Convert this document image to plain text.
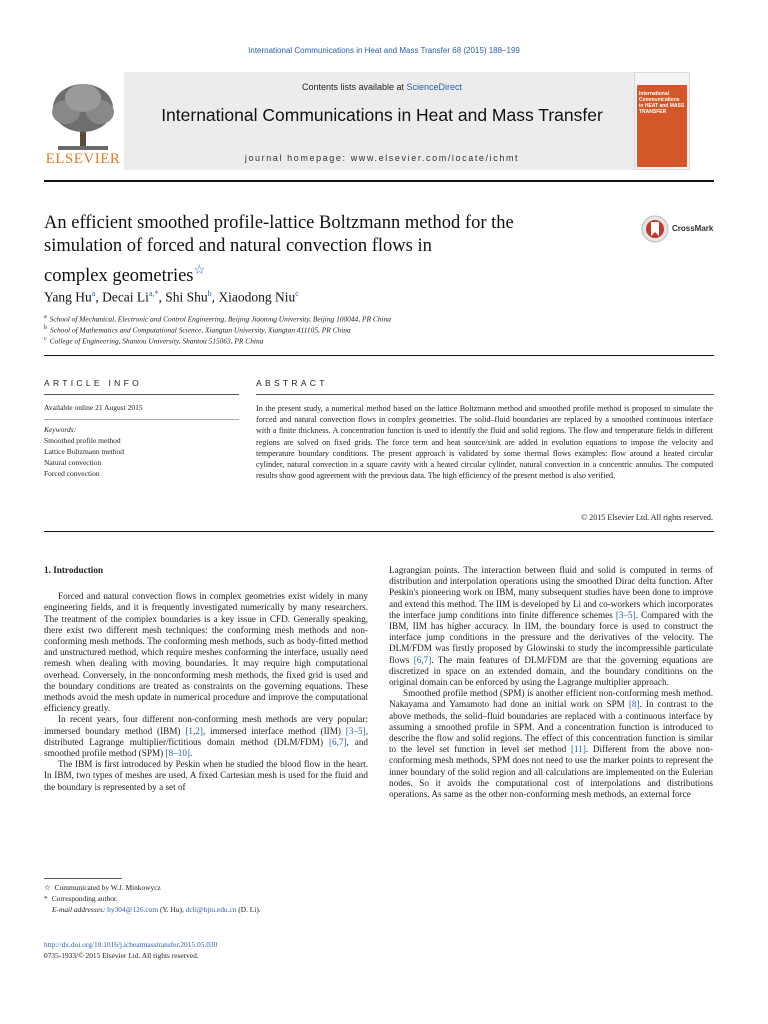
International Communications in Heat and Mass Transfer 68 (2015) 188–199
ELSEVIER
Contents lists available at ScienceDirect
International Communications in Heat and Mass Transfer
journal homepage: www.elsevier.com/locate/ichmt
International Communications in HEAT and MASS TRANSFER
An efficient smoothed profile-lattice Boltzmann method for the
simulation of forced and natural convection flows in
complex geometries☆
CrossMark
Yang Hu$^a$, Decai $Li^{a,*}$, Shi Shu$^b$, Xiaodong Niu$^c$
$^a$ School of Mechanical, Electronic and Control Engineering, Beijing Jiaotong University, Beijing 100044, PR China
$^b$ School of Mathematics and Computational Science, Xiangtan University, Xiangtan 411105, PR China
$^c$ College of Engineering, Shantou University, Shantou 515063, PR China
ARTICLE INFO
Available online 21 August 2015
Keywords:
Smoothed profile method
Lattice Boltzmann method
Natural convection
Forced convection
ABSTRACT
In the present study, a numerical method based on the lattice Boltzmann method and smoothed profile method is proposed to simulate the forced and natural convection flows in complex geometries. The solid–fluid boundaries are replaced by a smoothed continuous interface with a finite thickness. A concentration function is used to identify the fluid and solid regions. The flow and temperature fields in different regions are solved on fixed grids. The force term and heat source/sink are added in evolution equations to impose the velocity and temperature boundary conditions. The present approach is validated by some thermal flows examples: flow around a heated circular cylinder, natural convection in a square cavity with a heated circular cylinder, natural convection in a concentric annulus. The computed results show good agreement with the previous data. The high efficiency of the present method is also verified.
© 2015 Elsevier Ltd. All rights reserved.
1. Introduction

Forced and natural convection flows in complex geometries exist widely in many engineering fields, and it is frequently investigated numerically by many researchers. The treatment of the complex boundaries is a key issue in CFD. Generally speaking, there exist two different mesh techniques: the conforming mesh methods and non-conforming mesh methods. The conforming mesh methods, such as body-fitted method and unstructured method, which require meshes conforming the interface, usually need remesh when dealing with moving boundaries. It may require high computational overhead. Conversely, in the nonconforming mesh methods, the fixed grid is used and the boundary conditions are treated as constraints on the governing equations. These methods avoid the mesh update in numerical procedure and improve the computational efficiency greatly.

In recent years, four different non-conforming mesh methods are very popular: immersed boundary method (IBM) [1,2], immersed interface method (IIM) [3–5], distributed Lagrange multiplier/fictitious domain method (DLM/FDM) [6,7], and smoothed profile method (SPM) [8–10].

The IBM is first introduced by Peskin when he studied the blood flow in the heart. In IBM, two types of meshes are used. A fixed Cartesian mesh is used for the fluid and the boundary is represented by a set of

Lagrangian points. The interaction between fluid and solid is computed in terms of distribution and interpolation operations using the smoothed Dirac delta function. After Peskin's pioneering work on IBM, many subsequent studies have been done to improve and extend this method. The IIM is developed by Li and co-workers which incorporates the interface jump conditions into finite difference schemes [3–5]. Compared with the IBM, IIM has higher accuracy. In IIM, the boundary force is used to construct the interface jump conditions in the pressure and the derivatives of the velocity. The DLM/FDM was firstly proposed by Glowinski to study the incompressible particulate flows [6,7]. The main features of DLM/FDM are that the governing equations are discretized in space on an extended domain, and the boundary conditions on the original domain can be enforced by using the Lagrange multiplier approach.

Smoothed profile method (SPM) is another efficient non-conforming mesh method. Nakayama and Yamamoto had done an initial work on SPM [8]. In contrast to the above methods, the solid–fluid boundaries are replaced with a continuous interface by assuming a smoothed profile in SPM. And a concentration function is introduced to describe the flow and solid regions. The effect of this concentration function is similar to the level set function in level set method [11]. Different from the above non-conforming mesh methods, SPM does not need to use the marker points to represent the inner boundary of the solid region and all calculations are implemented on the Eulerian nodes. So it avoids the computational cost of interpolations and distributions operations. As same as the other non-conforming mesh methods, an external force

☆ Communicated by W.J. Minkowycz
* Corresponding author.
E-mail addresses: hy304@126.com (Y. Hu), dcli@bjtu.edu.cn (D. Li).
http://dx.doi.org/10.1016/j.icheatmasstransfer.2015.05.030
0735-1933/© 2015 Elsevier Ltd. All rights reserved.
